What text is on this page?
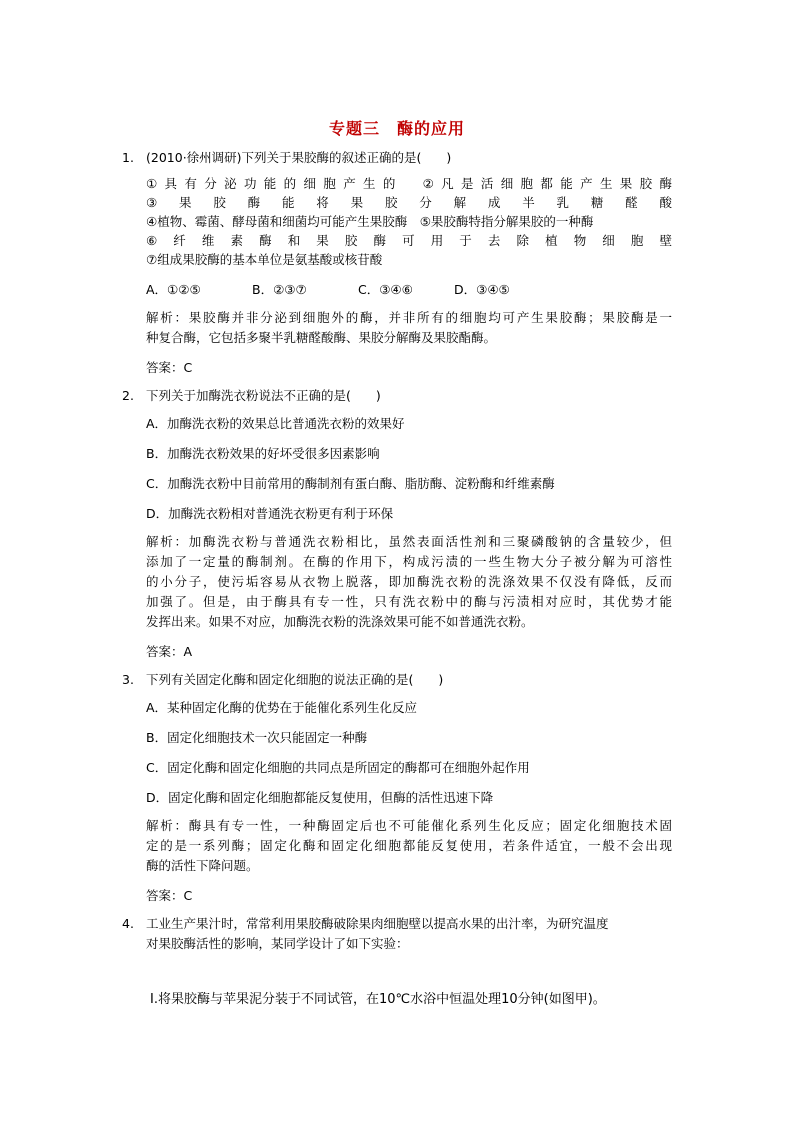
专题三　酶的应用
1. (2010·徐州调研)下列关于果胶酶的叙述正确的是(　　)
①具有分泌功能的细胞产生的　②凡是活细胞都能产生果胶酶
③果胶酶能将果胶分解成半乳糖醛酸
④植物、霉菌、酵母菌和细菌均可能产生果胶酶　⑤果胶酶特指分解果胶的一种酶
⑥纤维素酶和果胶酶可用于去除植物细胞壁
⑦组成果胶酶的基本单位是氨基酸或核苷酸
A．①②⑤	B．②③⑦	C．③④⑥	D．③④⑤
解析：果胶酶并非分泌到细胞外的酶，并非所有的细胞均可产生果胶酶；果胶酶是一
种复合酶，它包括多聚半乳糖醛酸酶、果胶分解酶及果胶酯酶。
答案：C
2. 下列关于加酶洗衣粉说法不正确的是(　　)
A．加酶洗衣粉的效果总比普通洗衣粉的效果好
B．加酶洗衣粉效果的好坏受很多因素影响
C．加酶洗衣粉中目前常用的酶制剂有蛋白酶、脂肪酶、淀粉酶和纤维素酶
D．加酶洗衣粉相对普通洗衣粉更有利于环保
解析：加酶洗衣粉与普通洗衣粉相比，虽然表面活性剂和三聚磷酸钠的含量较少，但
添加了一定量的酶制剂。在酶的作用下，构成污渍的一些生物大分子被分解为可溶性
的小分子，使污垢容易从衣物上脱落，即加酶洗衣粉的洗涤效果不仅没有降低，反而
加强了。但是，由于酶具有专一性，只有洗衣粉中的酶与污渍相对应时，其优势才能
发挥出来。如果不对应，加酶洗衣粉的洗涤效果可能不如普通洗衣粉。
答案：A
3. 下列有关固定化酶和固定化细胞的说法正确的是(　　)
A．某种固定化酶的优势在于能催化系列生化反应
B．固定化细胞技术一次只能固定一种酶
C．固定化酶和固定化细胞的共同点是所固定的酶都可在细胞外起作用
D．固定化酶和固定化细胞都能反复使用，但酶的活性迅速下降
解析：酶具有专一性，一种酶固定后也不可能催化系列生化反应；固定化细胞技术固
定的是一系列酶；固定化酶和固定化细胞都能反复使用，若条件适宜，一般不会出现
酶的活性下降问题。
答案：C
4. 工业生产果汁时，常常利用果胶酶破除果肉细胞壁以提高水果的出汁率，为研究温度
对果胶酶活性的影响，某同学设计了如下实验：
Ⅰ.将果胶酶与苹果泥分装于不同试管，在10℃水浴中恒温处理10分钟(如图甲)。
